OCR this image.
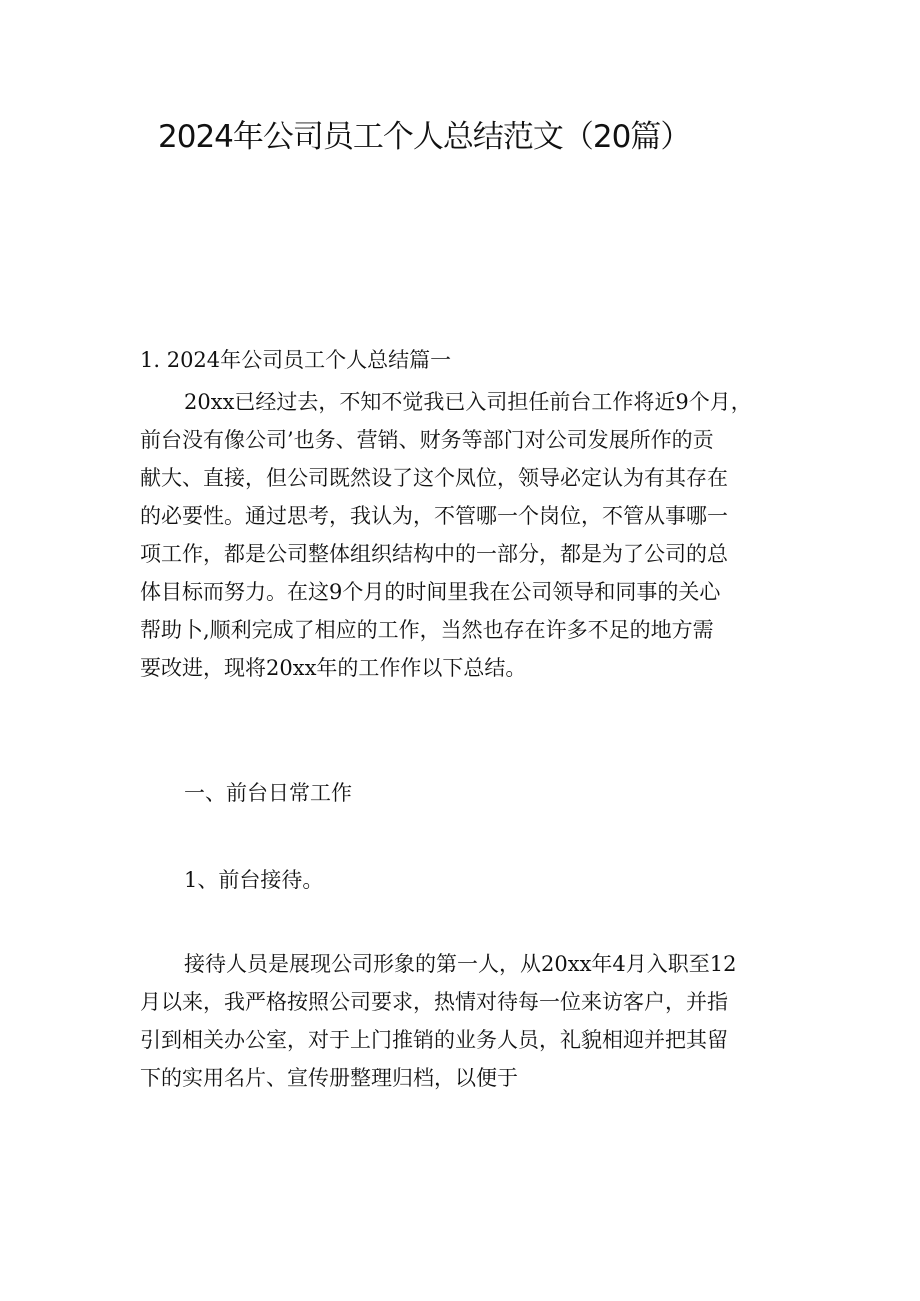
2024年公司员工个人总结范文（20篇）
1. 2024年公司员工个人总结篇一
20xx已经过去，不知不觉我已入司担任前台工作将近9个月，
前台没有像公司’也务、营销、财务等部门对公司发展所作的贡
献大、直接，但公司既然设了这个凤位，领导必定认为有其存在
的必要性。通过思考，我认为，不管哪一个岗位，不管从事哪一
项工作，都是公司整体组织结构中的一部分，都是为了公司的总
体目标而努力。在这9个月的时间里我在公司领导和同事的关心
帮助卜,顺利完成了相应的工作，当然也存在许多不足的地方需
要改进，现将20xx年的工作作以下总结。
一、前台日常工作
1、前台接待。
接待人员是展现公司形象的第一人，从20xx年4月入职至12
月以来，我严格按照公司要求，热情对待每一位来访客户，并指
引到相关办公室，对于上门推销的业务人员，礼貌相迎并把其留
下的实用名片、宣传册整理归档，以便于
